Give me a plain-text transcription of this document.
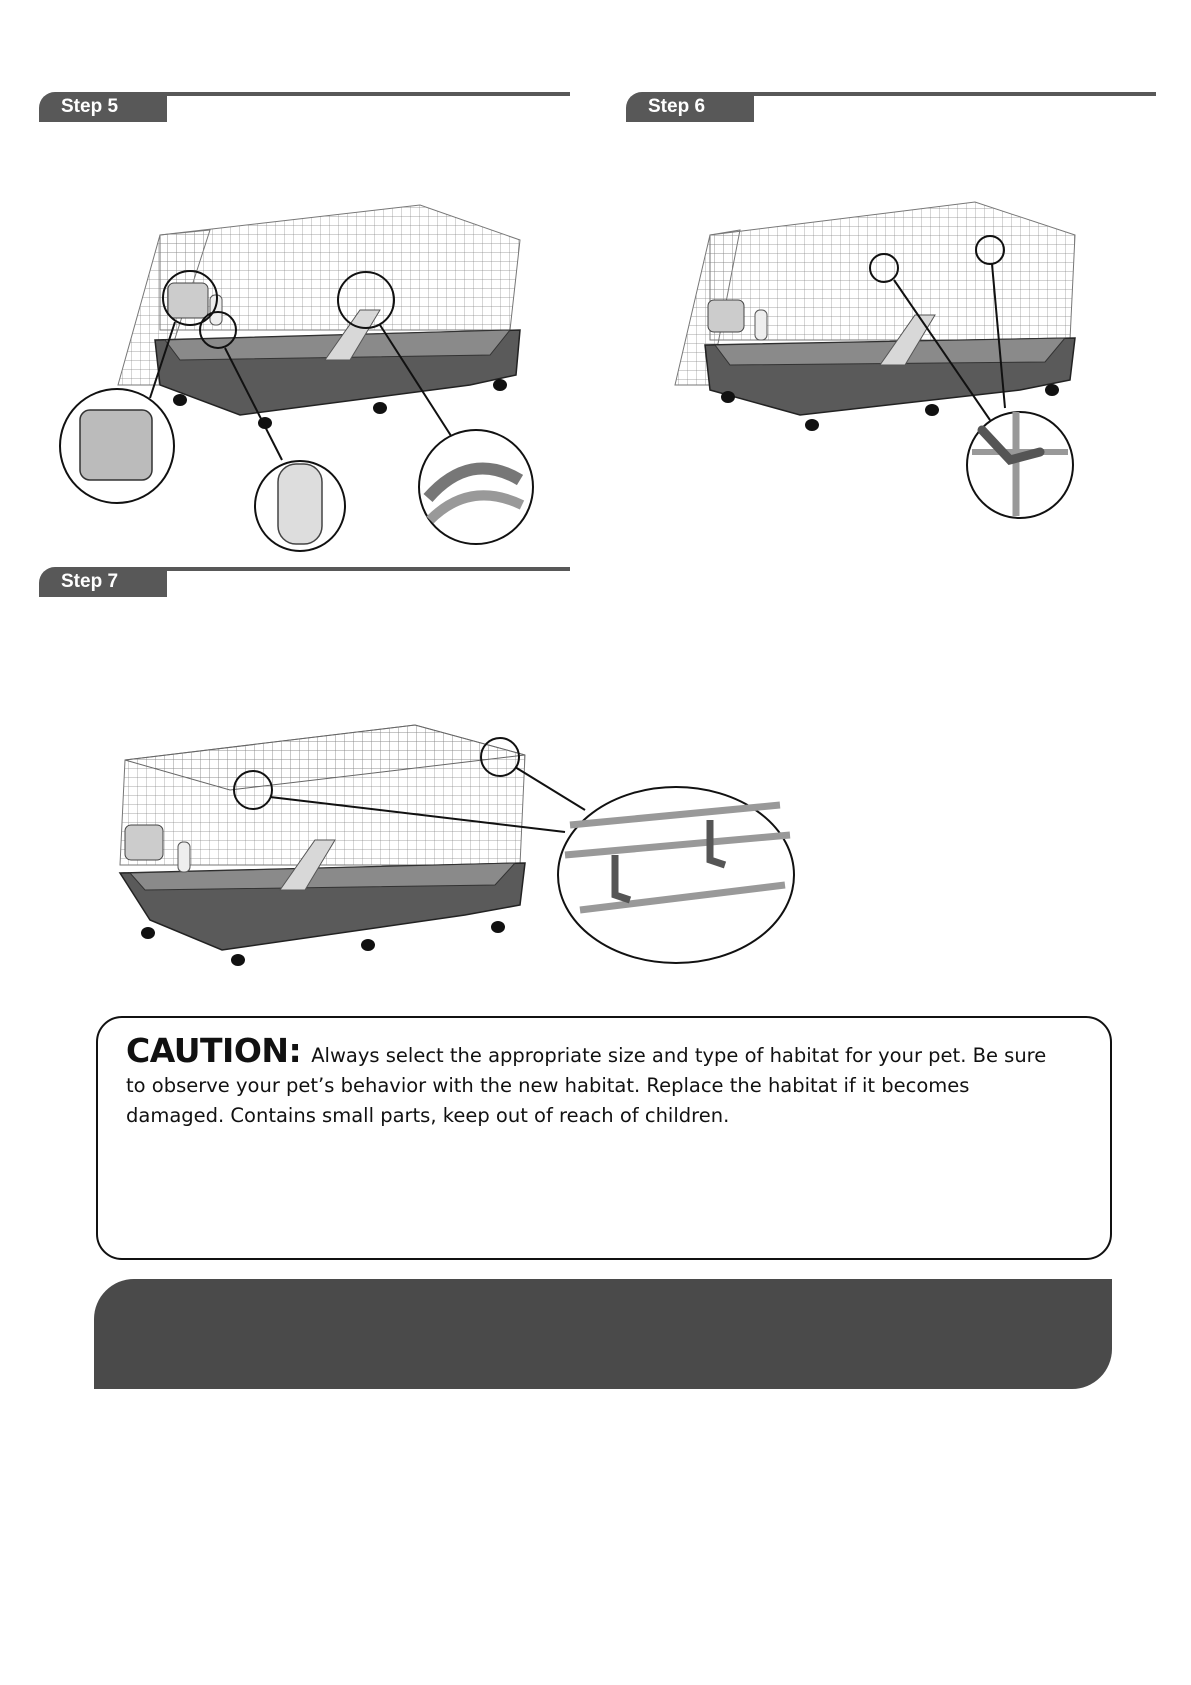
Step 5	Step 6
Step 7
CAUTION: Always select the appropriate size and type of habitat for your pet. Be sure to observe your pet’s behavior with the new habitat. Replace the habitat if it becomes damaged. Contains small parts, keep out of reach of children.
